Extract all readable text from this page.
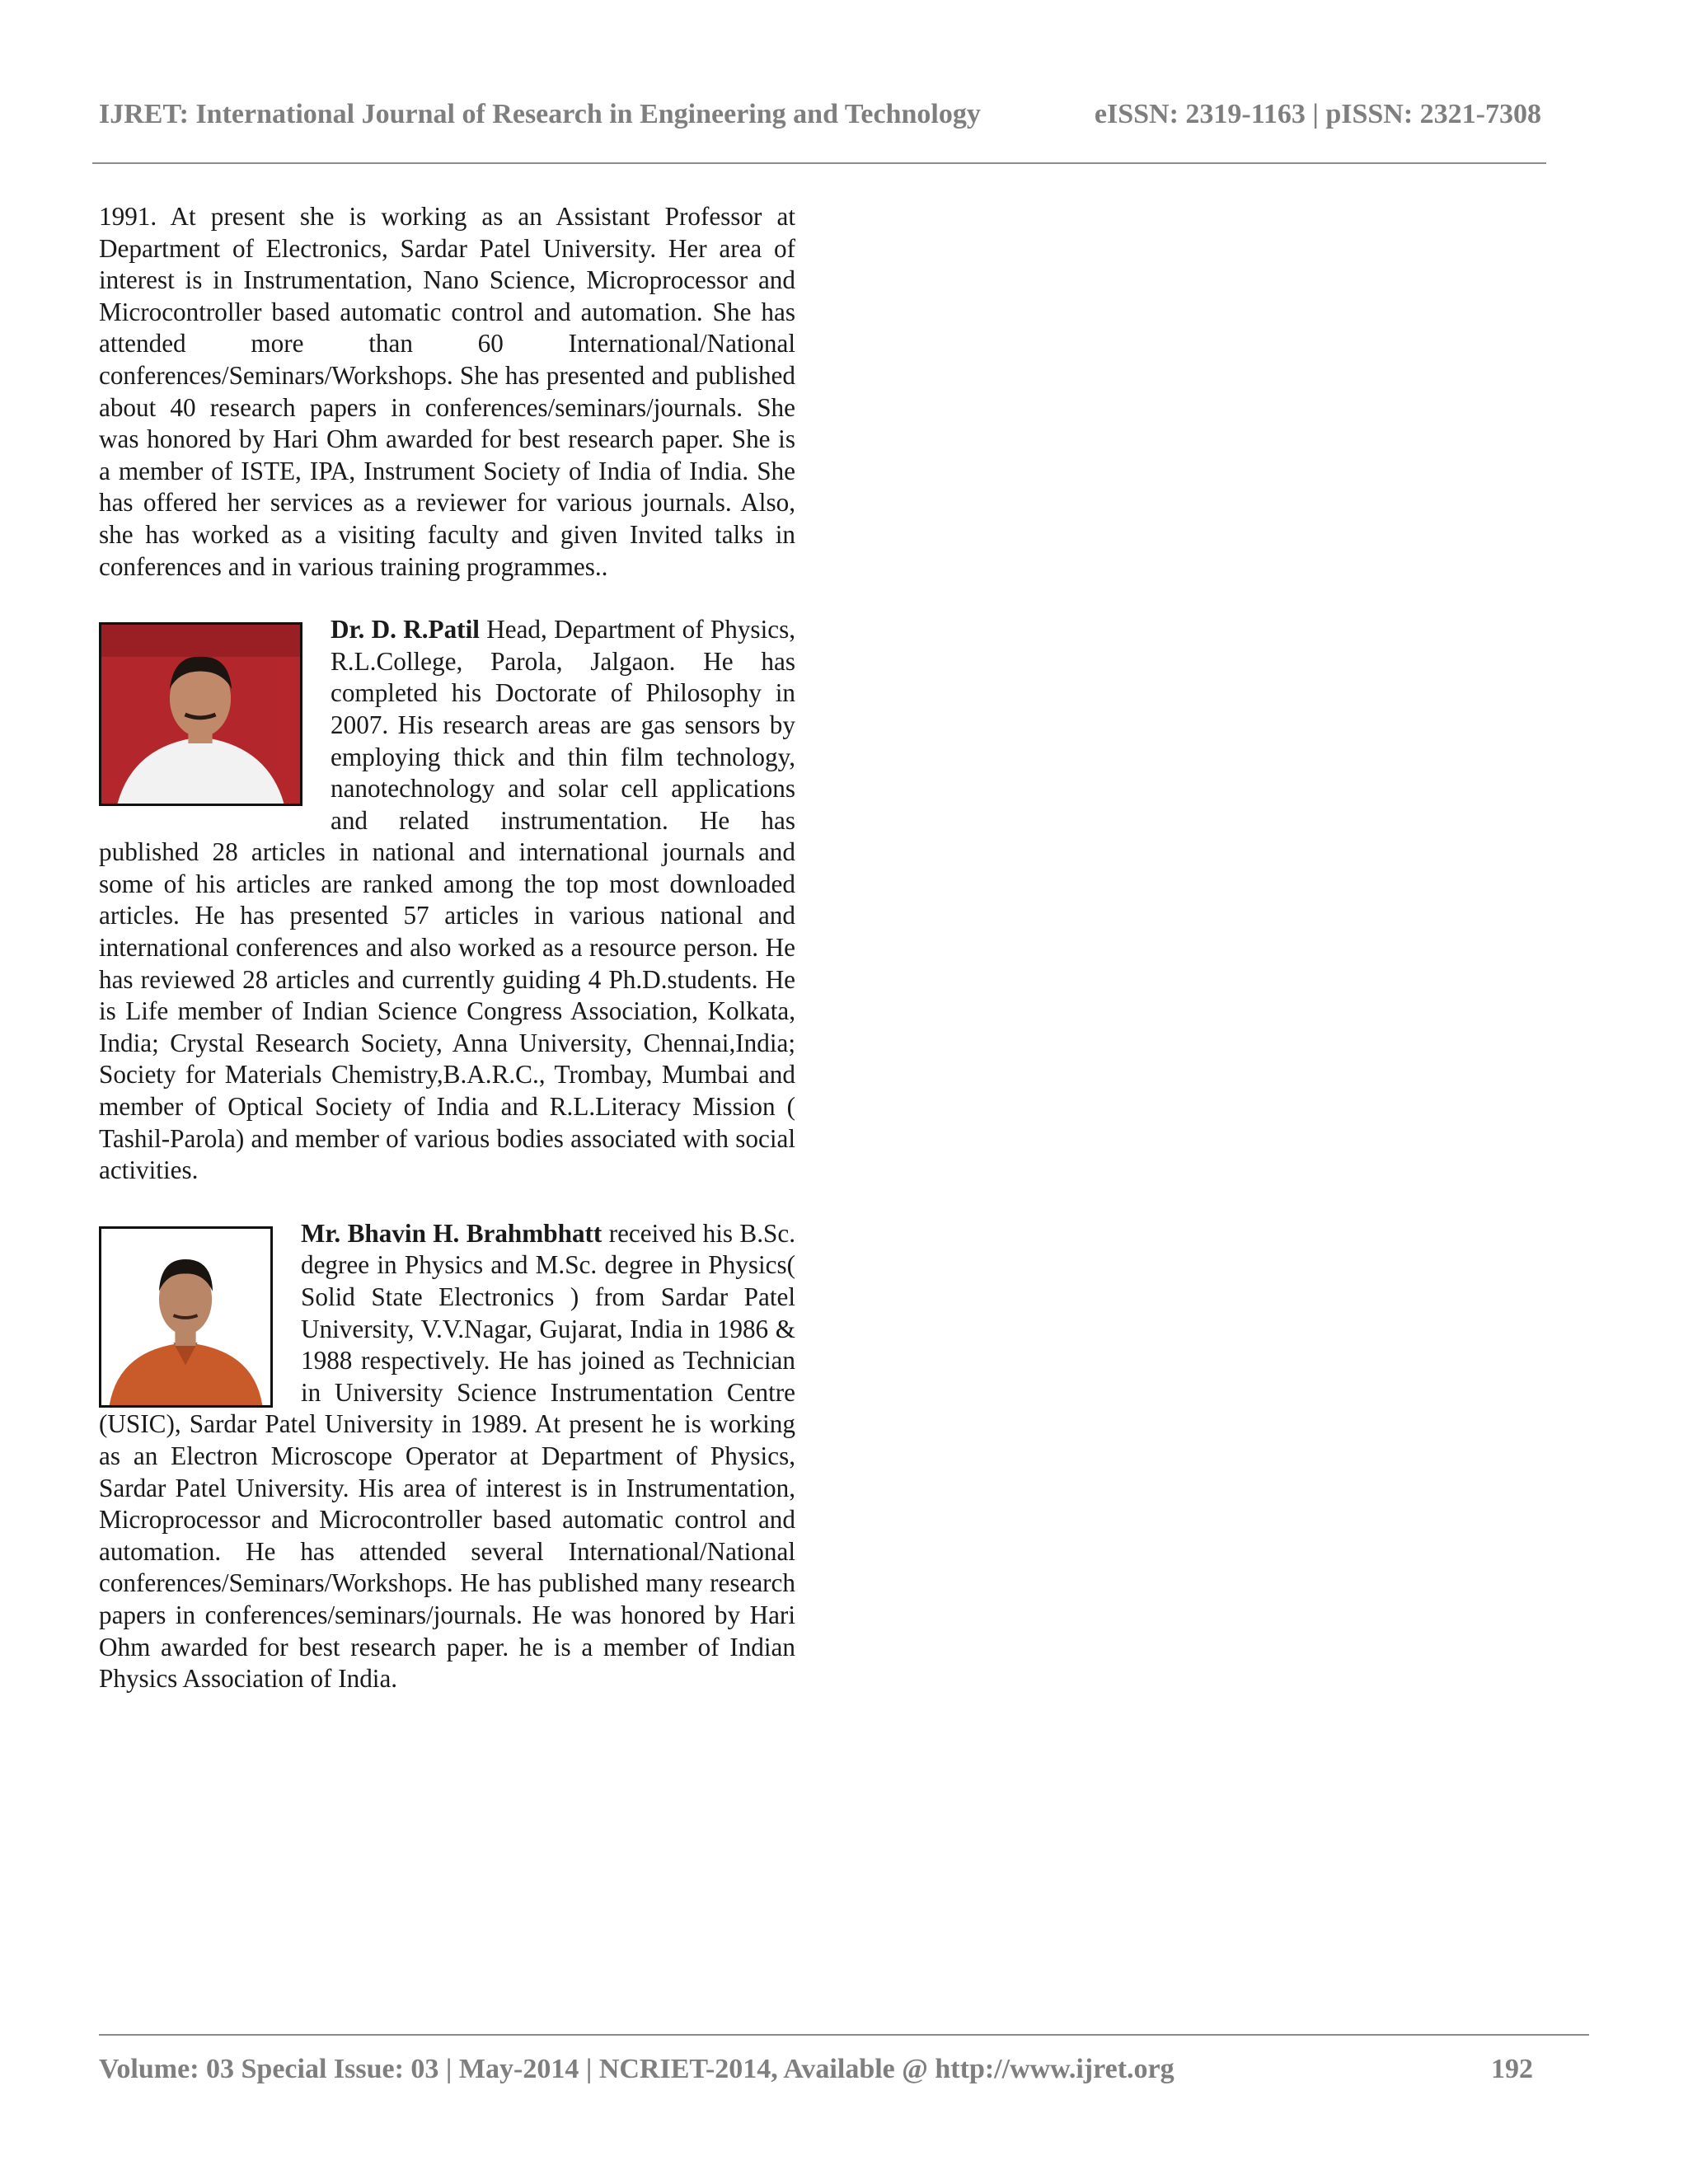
IJRET: International Journal of Research in Engineering and Technology	eISSN: 2319-1163 | pISSN: 2321-7308

1991. At present she is working as an Assistant Professor at Department of Electronics, Sardar Patel University. Her area of interest is in Instrumentation, Nano Science, Microprocessor and Microcontroller based automatic control and automation. She has attended more than 60 International/National conferences/Seminars/Workshops. She has presented and published about 40 research papers in conferences/seminars/journals. She was honored by Hari Ohm awarded for best research paper. She is a member of ISTE, IPA, Instrument Society of India of India. She has offered her services as a reviewer for various journals. Also, she has worked as a visiting faculty and given Invited talks in conferences and in various training programmes..

Dr. D. R.Patil Head, Department of Physics, R.L.College, Parola, Jalgaon. He has completed his Doctorate of Philosophy in 2007. His research areas are gas sensors by employing thick and thin film technology, nanotechnology and solar cell applications and related instrumentation. He has published 28 articles in national and international journals and some of his articles are ranked among the top most downloaded articles. He has presented 57 articles in various national and international conferences and also worked as a resource person. He has reviewed 28 articles and currently guiding 4 Ph.D.students. He is Life member of Indian Science Congress Association, Kolkata, India; Crystal Research Society, Anna University, Chennai,India; Society for Materials Chemistry,B.A.R.C., Trombay, Mumbai and member of Optical Society of India and R.L.Literacy Mission ( Tashil-Parola) and member of various bodies associated with social activities.

Mr. Bhavin H. Brahmbhatt received his B.Sc. degree in Physics and M.Sc. degree in Physics( Solid State Electronics ) from Sardar Patel University, V.V.Nagar, Gujarat, India in 1986 & 1988 respectively. He has joined as Technician in University Science Instrumentation Centre (USIC), Sardar Patel University in 1989. At present he is working as an Electron Microscope Operator at Department of Physics, Sardar Patel University. His area of interest is in Instrumentation, Microprocessor and Microcontroller based automatic control and automation. He has attended several International/National conferences/Seminars/Workshops. He has published many research papers in conferences/seminars/journals. He was honored by Hari Ohm awarded for best research paper. he is a member of Indian Physics Association of India.

Volume: 03 Special Issue: 03 | May-2014 | NCRIET-2014, Available @ http://www.ijret.org	192
